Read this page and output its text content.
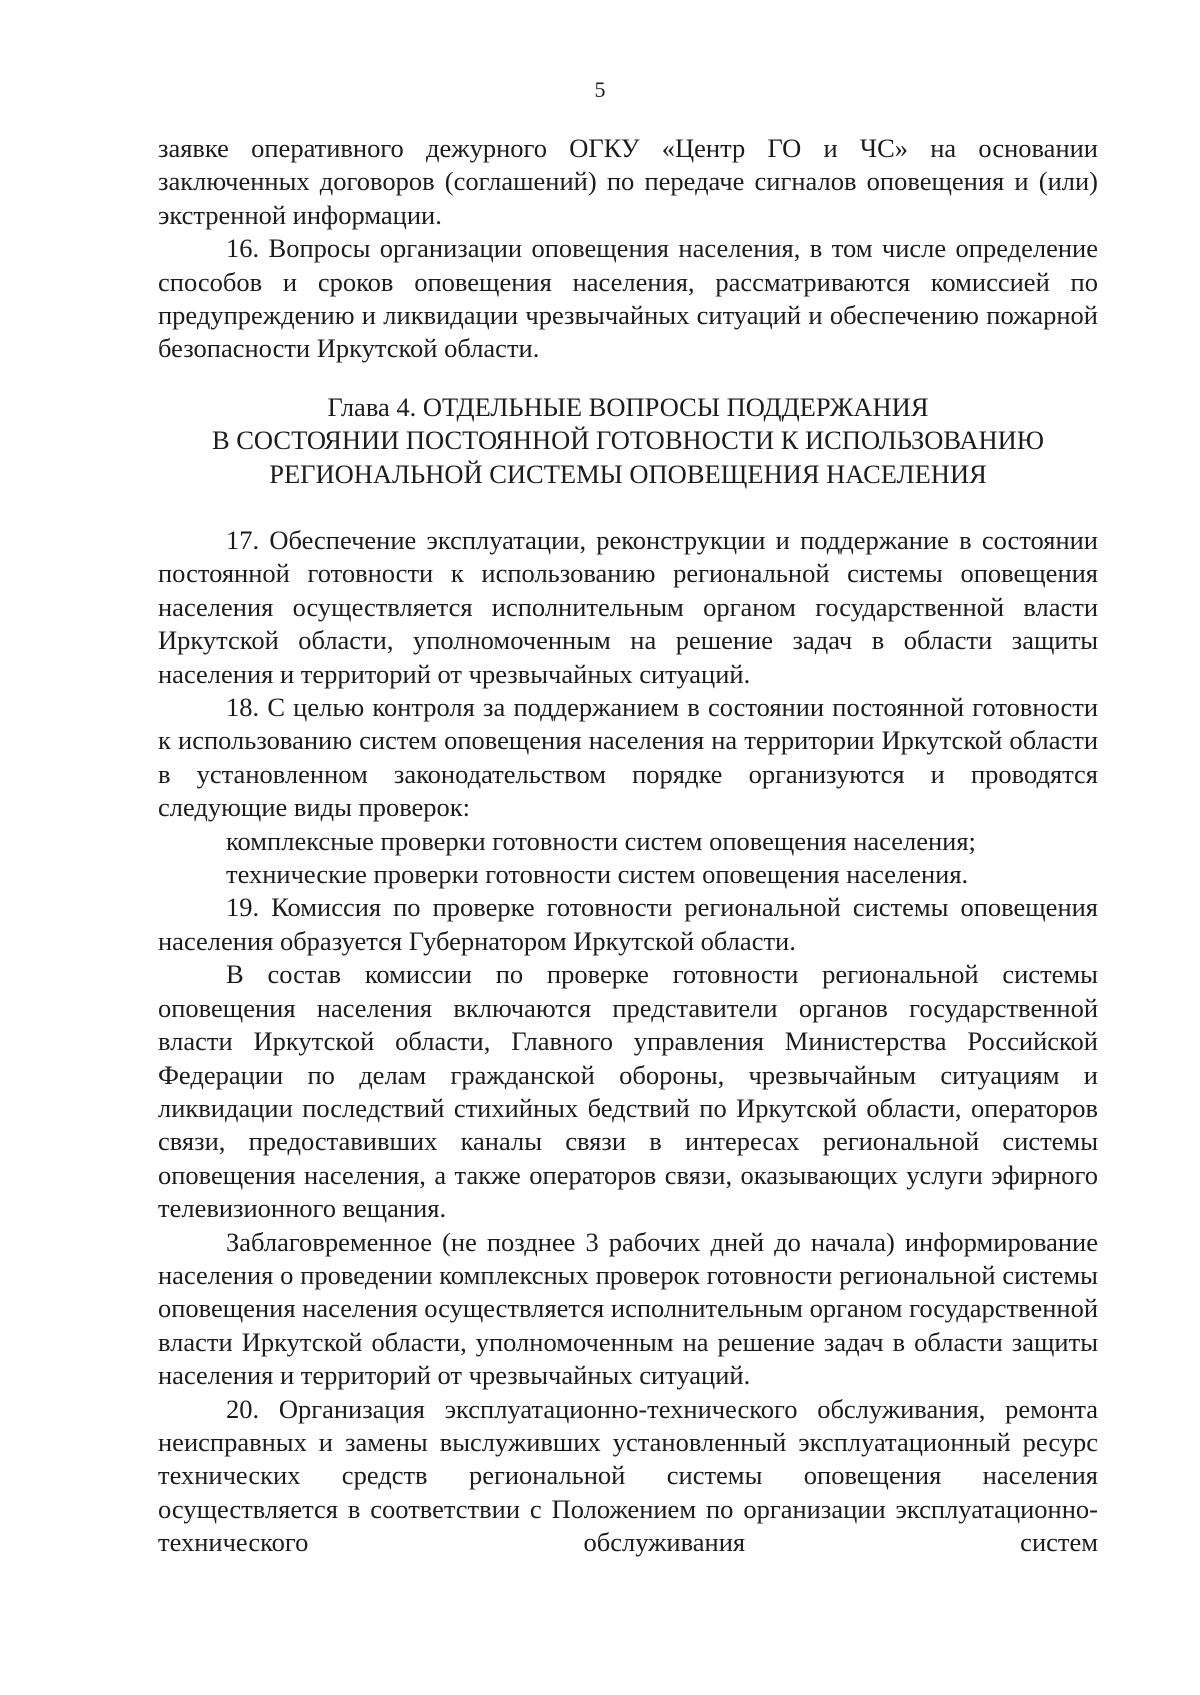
5

заявке оперативного дежурного ОГКУ «Центр ГО и ЧС» на основании заключенных договоров (соглашений) по передаче сигналов оповещения и (или) экстренной информации.

16. Вопросы организации оповещения населения, в том числе определение способов и сроков оповещения населения, рассматриваются комиссией по предупреждению и ликвидации чрезвычайных ситуаций и обеспечению пожарной безопасности Иркутской области.

Глава 4. ОТДЕЛЬНЫЕ ВОПРОСЫ ПОДДЕРЖАНИЯ
В СОСТОЯНИИ ПОСТОЯННОЙ ГОТОВНОСТИ К ИСПОЛЬЗОВАНИЮ
РЕГИОНАЛЬНОЙ СИСТЕМЫ ОПОВЕЩЕНИЯ НАСЕЛЕНИЯ

17. Обеспечение эксплуатации, реконструкции и поддержание в состоянии постоянной готовности к использованию региональной системы оповещения населения осуществляется исполнительным органом государственной власти Иркутской области, уполномоченным на решение задач в области защиты населения и территорий от чрезвычайных ситуаций.

18. С целью контроля за поддержанием в состоянии постоянной готовности к использованию систем оповещения населения на территории Иркутской области в установленном законодательством порядке организуются и проводятся следующие виды проверок:

комплексные проверки готовности систем оповещения населения;

технические проверки готовности систем оповещения населения.

19. Комиссия по проверке готовности региональной системы оповещения населения образуется Губернатором Иркутской области.

В состав комиссии по проверке готовности региональной системы оповещения населения включаются представители органов государственной власти Иркутской области, Главного управления Министерства Российской Федерации по делам гражданской обороны, чрезвычайным ситуациям и ликвидации последствий стихийных бедствий по Иркутской области, операторов связи, предоставивших каналы связи в интересах региональной системы оповещения населения, а также операторов связи, оказывающих услуги эфирного телевизионного вещания.

Заблаговременное (не позднее 3 рабочих дней до начала) информирование населения о проведении комплексных проверок готовности региональной системы оповещения населения осуществляется исполнительным органом государственной власти Иркутской области, уполномоченным на решение задач в области защиты населения и территорий от чрезвычайных ситуаций.

20. Организация эксплуатационно-технического обслуживания, ремонта неисправных и замены выслуживших установленный эксплуатационный ресурс технических средств региональной системы оповещения населения осуществляется в соответствии с Положением по организации эксплуатационно-технического обслуживания систем
